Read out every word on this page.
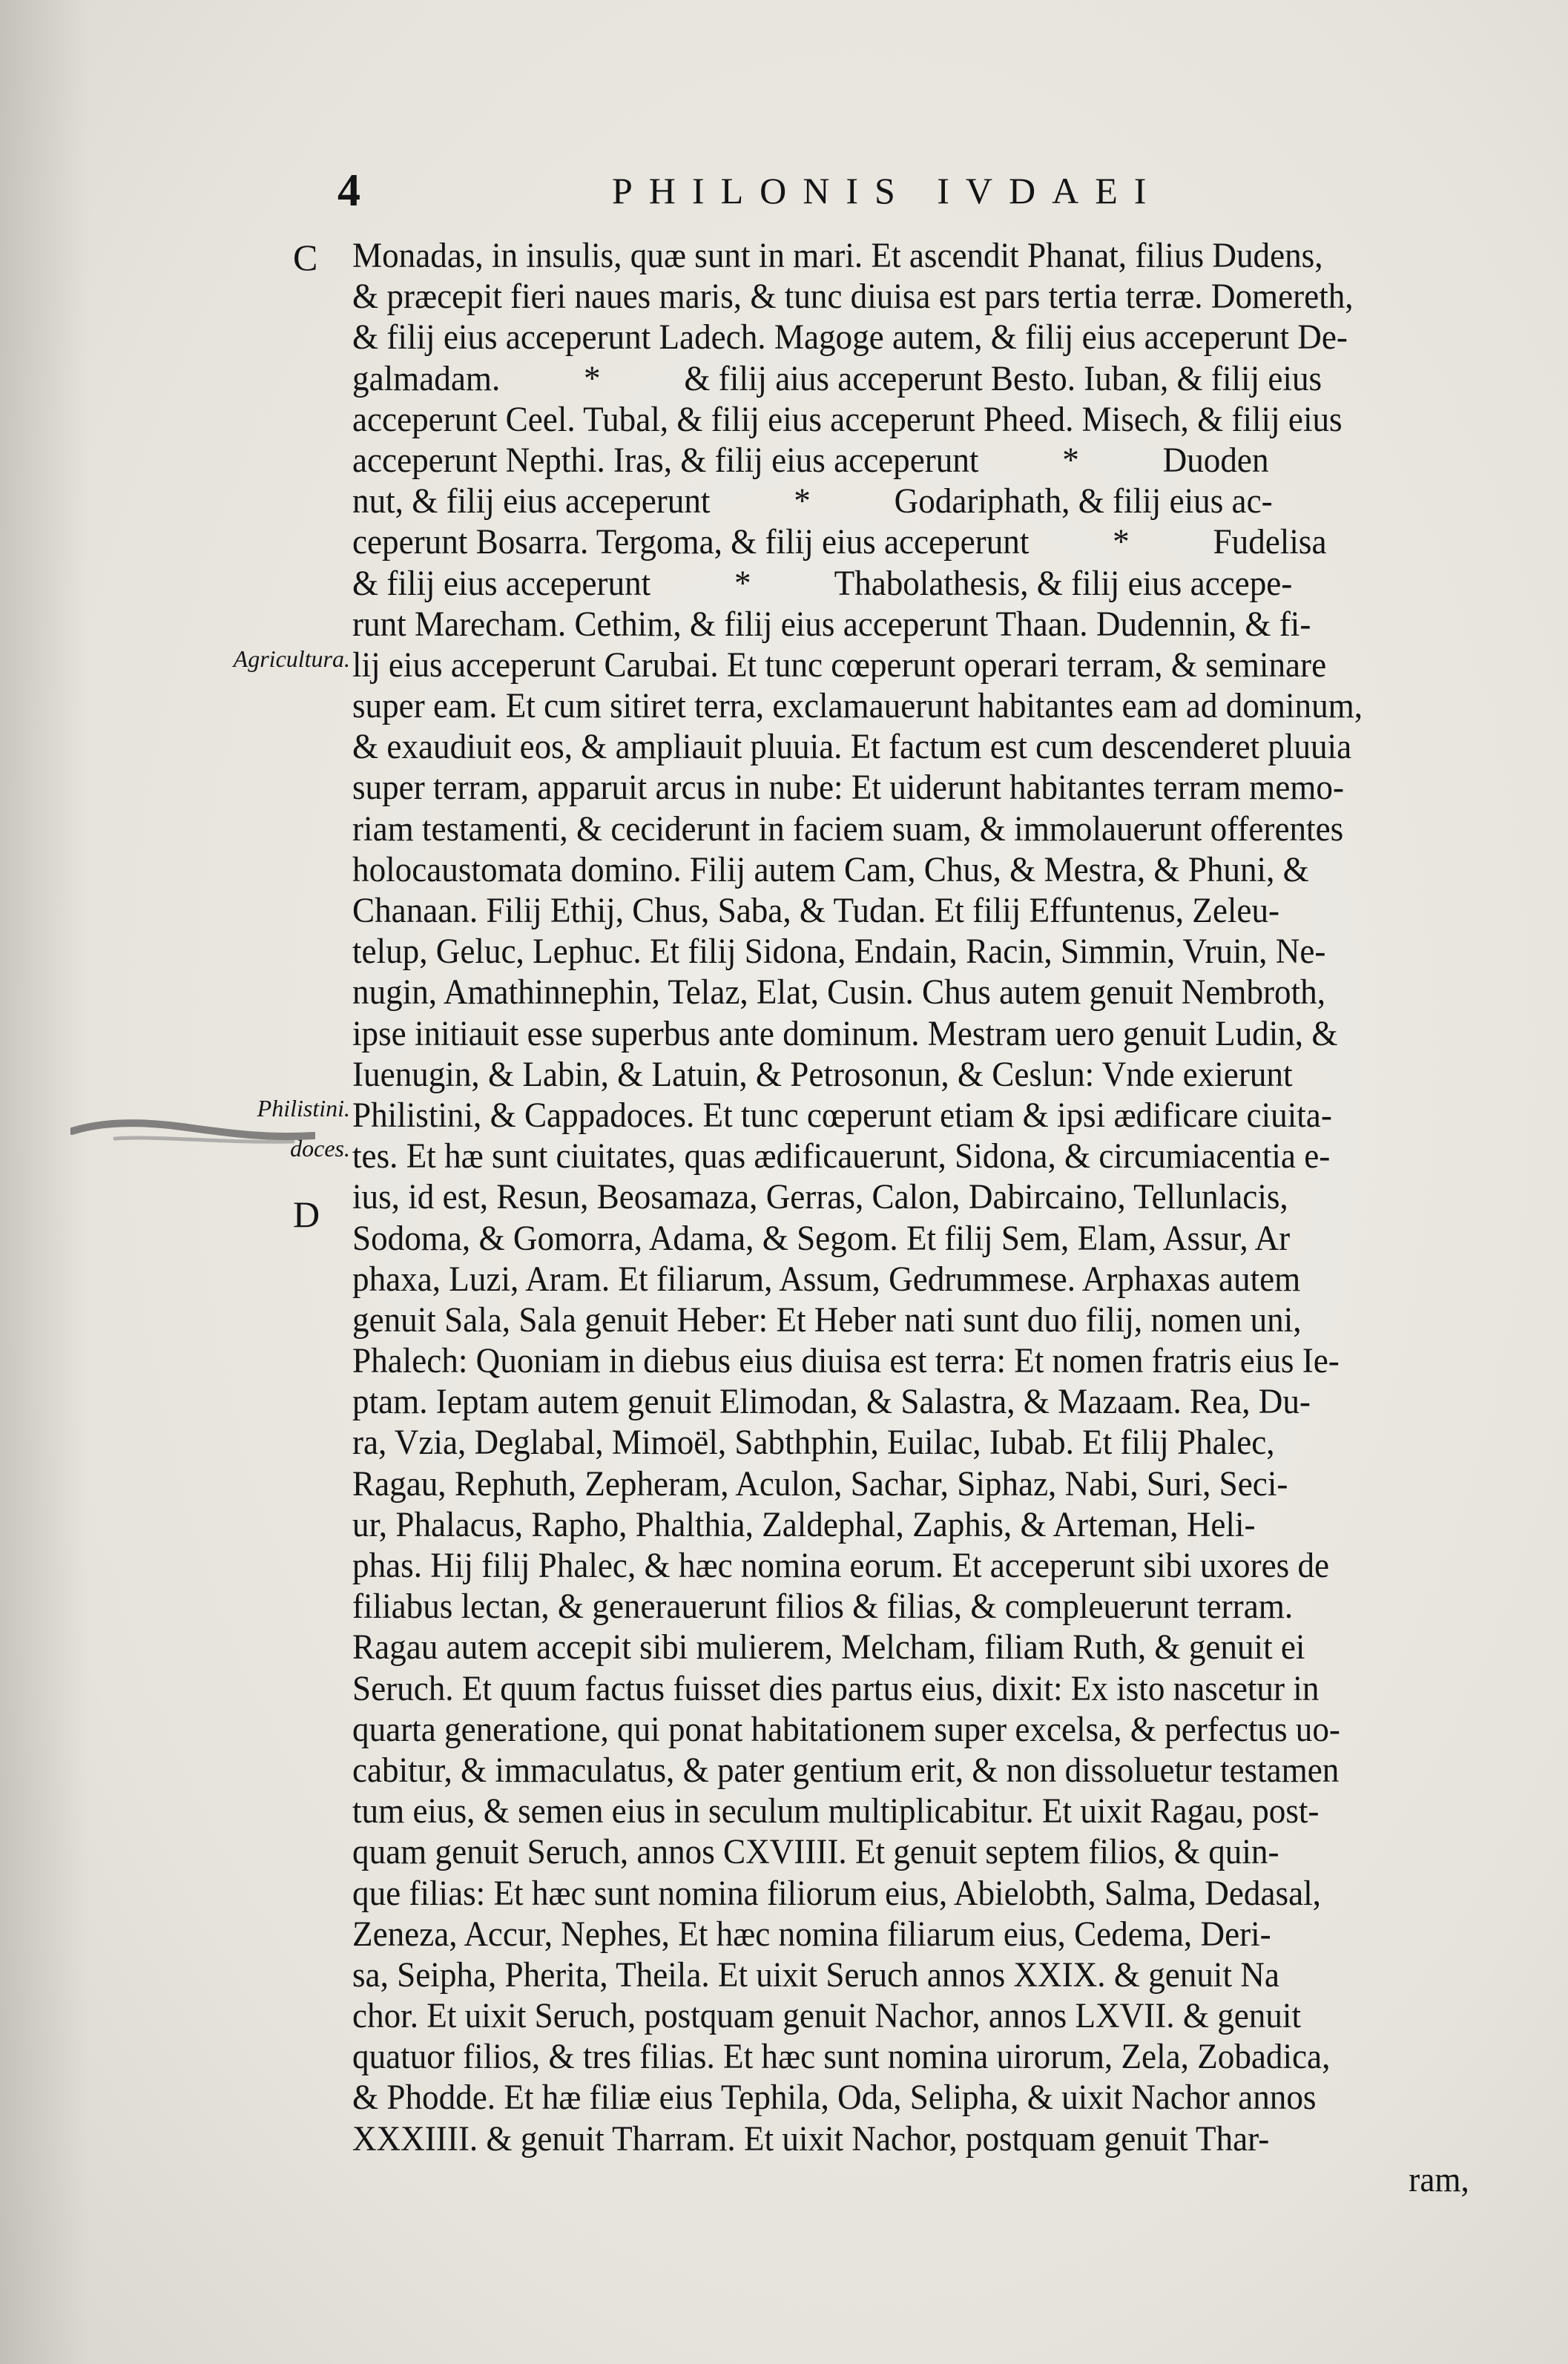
4	PHILONIS IVDAEI
C
D
Agricultura.
Philistini.
doces.
Monadas, in insulis, quæ sunt in mari. Et ascendit Phanat, filius Dudens,
& præcepit fieri naues maris, & tunc diuisa est pars tertia terræ. Domereth,
& filij eius acceperunt Ladech. Magoge autem, & filij eius acceperunt De-
galmadam.          *          & filij aius acceperunt Besto. Iuban, & filij eius
acceperunt Ceel. Tubal, & filij eius acceperunt Pheed. Misech, & filij eius
acceperunt Nepthi. Iras, & filij eius acceperunt          *          Duoden
nut, & filij eius acceperunt          *          Godariphath, & filij eius ac-
ceperunt Bosarra. Tergoma, & filij eius acceperunt          *          Fudelisa
& filij eius acceperunt          *          Thabolathesis, & filij eius accepe-
runt Marecham. Cethim, & filij eius acceperunt Thaan. Dudennin, & fi-
lij eius acceperunt Carubai. Et tunc cœperunt operari terram, & seminare
super eam. Et cum sitiret terra, exclamauerunt habitantes eam ad dominum,
& exaudiuit eos, & ampliauit pluuia. Et factum est cum descenderet pluuia
super terram, apparuit arcus in nube: Et uiderunt habitantes terram memo-
riam testamenti, & ceciderunt in faciem suam, & immolauerunt offerentes
holocaustomata domino. Filij autem Cam, Chus, & Mestra, & Phuni, &
Chanaan. Filij Ethij, Chus, Saba, & Tudan. Et filij Effuntenus, Zeleu-
telup, Geluc, Lephuc. Et filij Sidona, Endain, Racin, Simmin, Vruin, Ne-
nugin, Amathinnephin, Telaz, Elat, Cusin. Chus autem genuit Nembroth,
ipse initiauit esse superbus ante dominum. Mestram uero genuit Ludin, &
Iuenugin, & Labin, & Latuin, & Petrosonun, & Ceslun: Vnde exierunt
Philistini, & Cappadoces. Et tunc cœperunt etiam & ipsi ædificare ciuita-
tes. Et hæ sunt ciuitates, quas ædificauerunt, Sidona, & circumiacentia e-
ius, id est, Resun, Beosamaza, Gerras, Calon, Dabircaino, Tellunlacis,
Sodoma, & Gomorra, Adama, & Segom. Et filij Sem, Elam, Assur, Ar
phaxa, Luzi, Aram. Et filiarum, Assum, Gedrummese. Arphaxas autem
genuit Sala, Sala genuit Heber: Et Heber nati sunt duo filij, nomen uni,
Phalech: Quoniam in diebus eius diuisa est terra: Et nomen fratris eius Ie-
ptam. Ieptam autem genuit Elimodan, & Salastra, & Mazaam. Rea, Du-
ra, Vzia, Deglabal, Mimoël, Sabthphin, Euilac, Iubab. Et filij Phalec,
Ragau, Rephuth, Zepheram, Aculon, Sachar, Siphaz, Nabi, Suri, Seci-
ur, Phalacus, Rapho, Phalthia, Zaldephal, Zaphis, & Arteman, Heli-
phas. Hij filij Phalec, & hæc nomina eorum. Et acceperunt sibi uxores de
filiabus lectan, & generauerunt filios & filias, & compleuerunt terram.
Ragau autem accepit sibi mulierem, Melcham, filiam Ruth, & genuit ei
Seruch. Et quum factus fuisset dies partus eius, dixit: Ex isto nascetur in
quarta generatione, qui ponat habitationem super excelsa, & perfectus uo-
cabitur, & immaculatus, & pater gentium erit, & non dissoluetur testamen
tum eius, & semen eius in seculum multiplicabitur. Et uixit Ragau, post-
quam genuit Seruch, annos CXVIIII. Et genuit septem filios, & quin-
que filias: Et hæc sunt nomina filiorum eius, Abielobth, Salma, Dedasal,
Zeneza, Accur, Nephes, Et hæc nomina filiarum eius, Cedema, Deri-
sa, Seipha, Pherita, Theila. Et uixit Seruch annos XXIX. & genuit Na
chor. Et uixit Seruch, postquam genuit Nachor, annos LXVII. & genuit
quatuor filios, & tres filias. Et hæc sunt nomina uirorum, Zela, Zobadica,
& Phodde. Et hæ filiæ eius Tephila, Oda, Selipha, & uixit Nachor annos
XXXIIII. & genuit Tharram. Et uixit Nachor, postquam genuit Thar-
ram,
